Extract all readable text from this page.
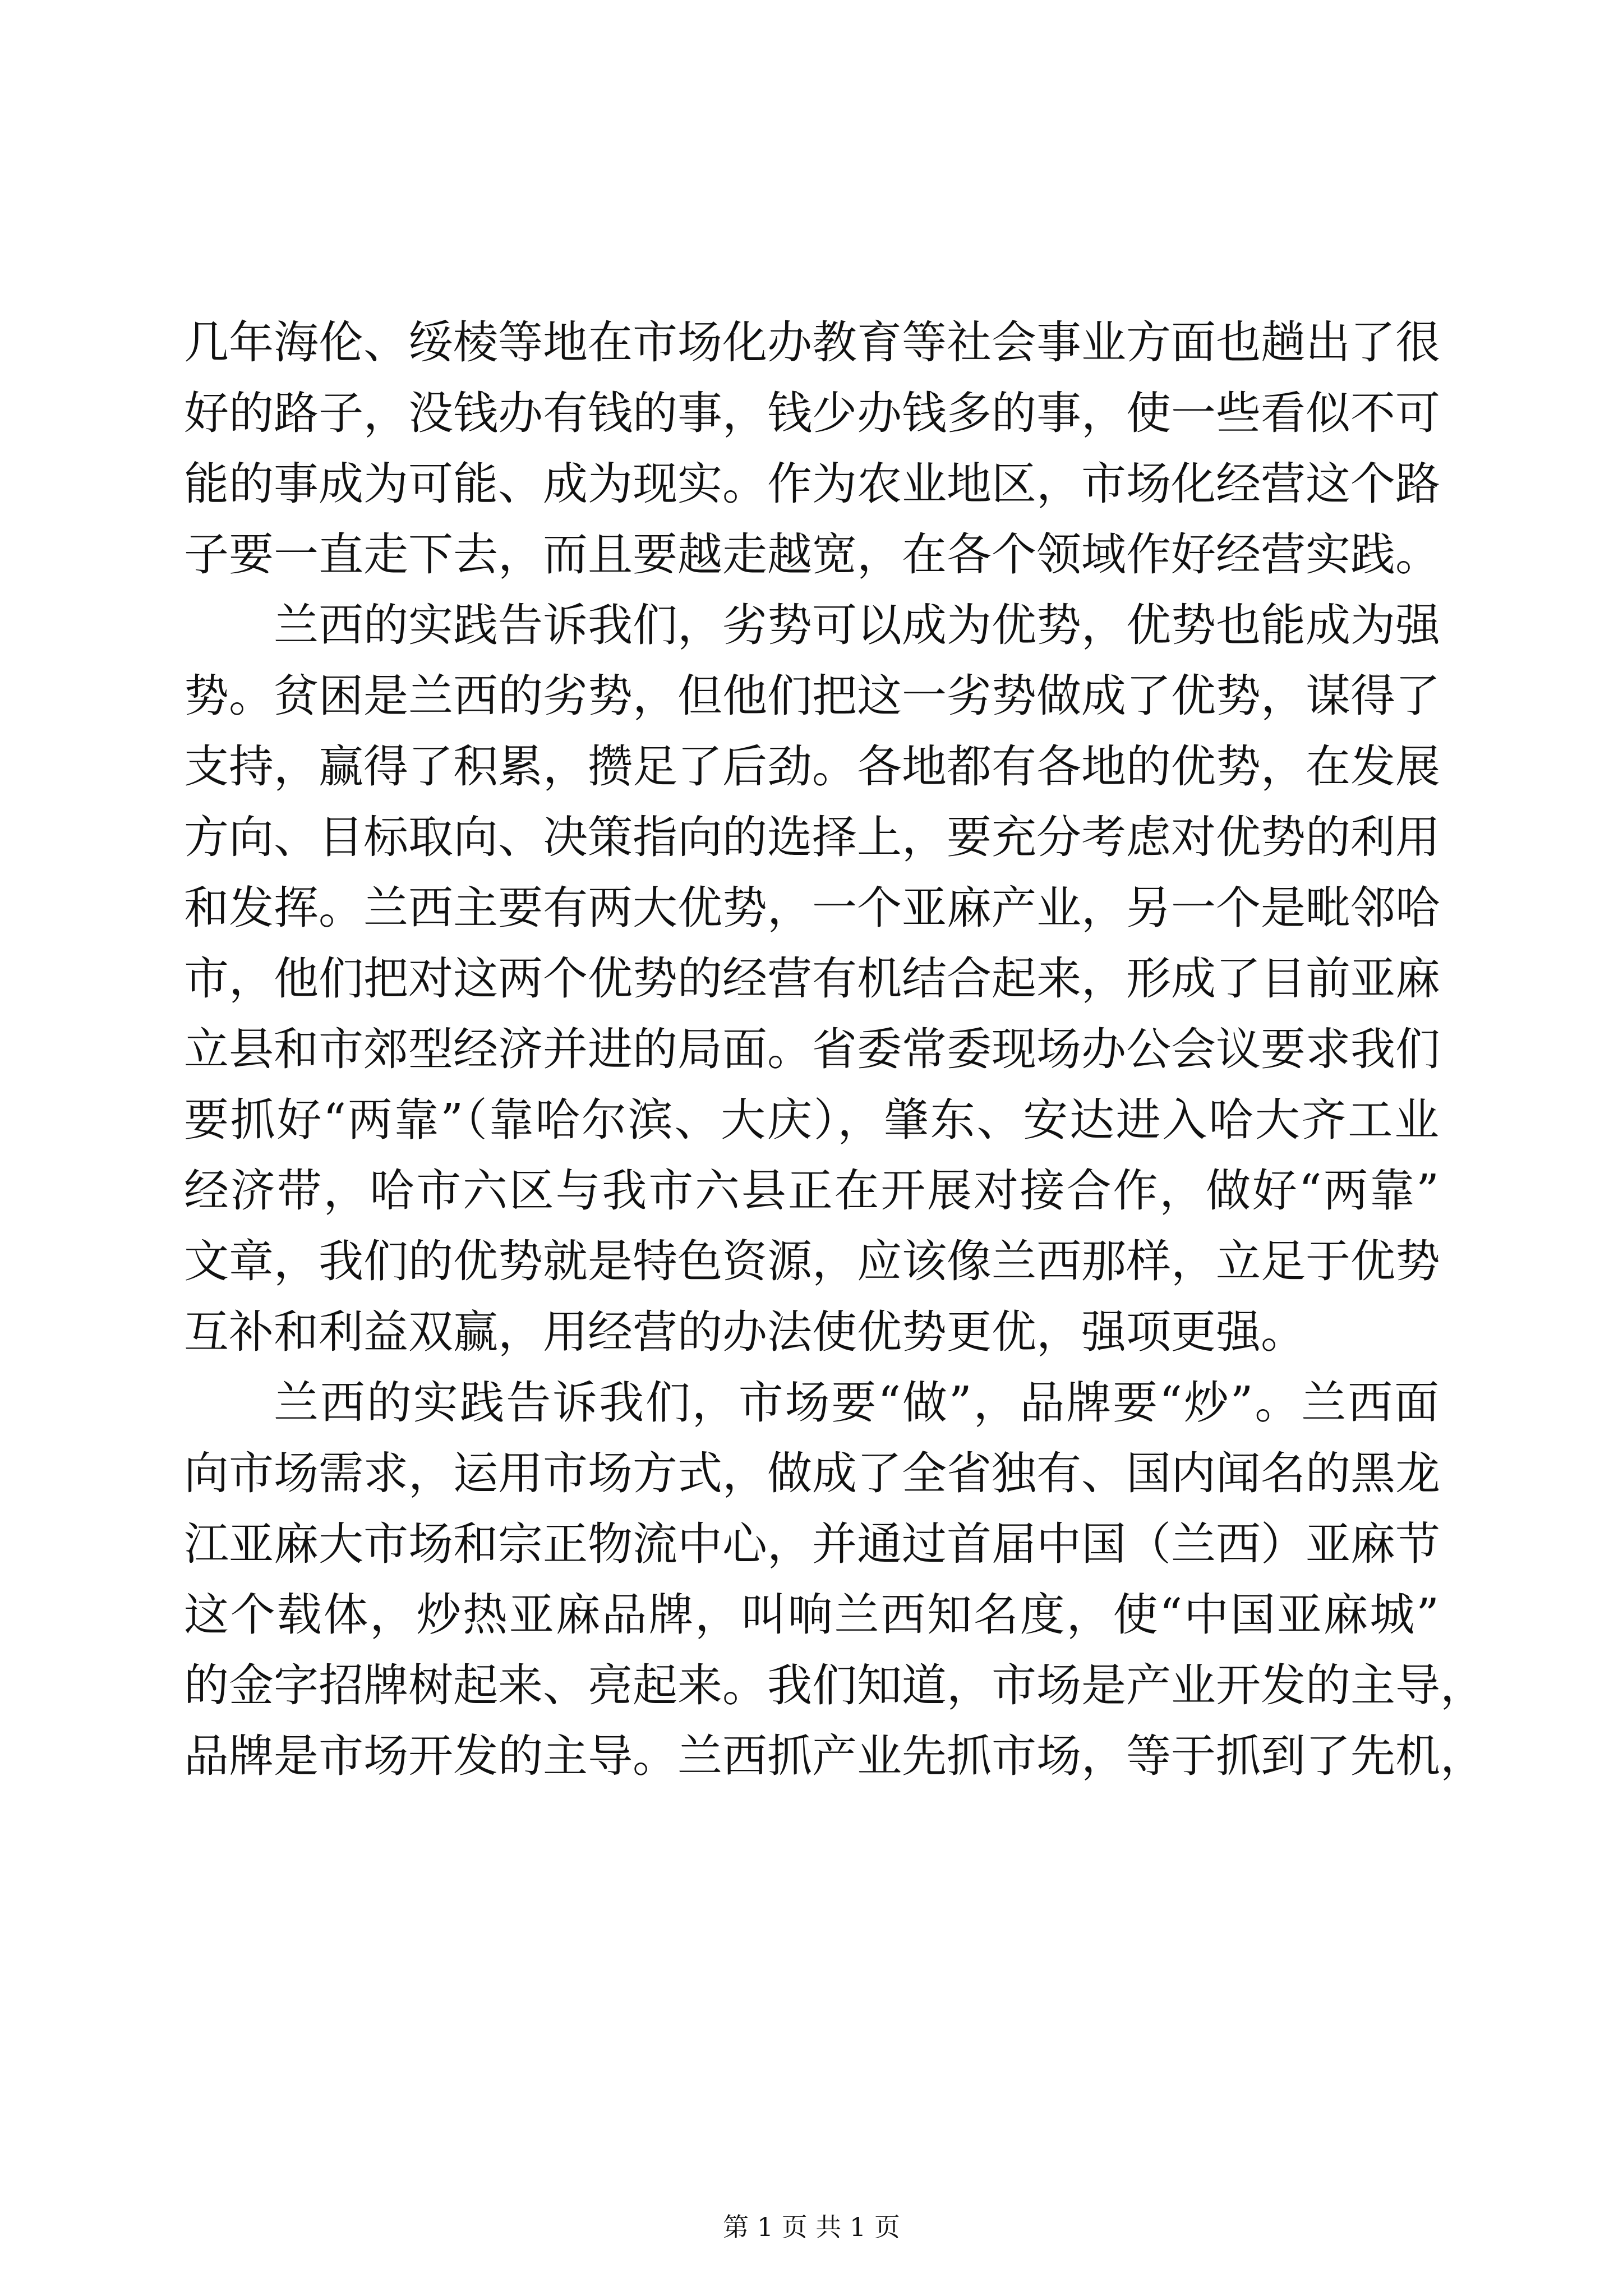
几年海伦、绥棱等地在市场化办教育等社会事业方面也趟出了很
好的路子，没钱办有钱的事，钱少办钱多的事，使一些看似不可
能的事成为可能、成为现实。作为农业地区，市场化经营这个路
子要一直走下去，而且要越走越宽，在各个领域作好经营实践。
兰西的实践告诉我们，劣势可以成为优势，优势也能成为强
势。贫困是兰西的劣势，但他们把这一劣势做成了优势，谋得了
支持，赢得了积累，攒足了后劲。各地都有各地的优势，在发展
方向、目标取向、决策指向的选择上，要充分考虑对优势的利用
和发挥。兰西主要有两大优势，一个亚麻产业，另一个是毗邻哈
市，他们把对这两个优势的经营有机结合起来，形成了目前亚麻
立县和市郊型经济并进的局面。省委常委现场办公会议要求我们
要抓好“两靠”（靠哈尔滨、大庆），肇东、安达进入哈大齐工业
经济带，哈市六区与我市六县正在开展对接合作，做好“两靠”
文章，我们的优势就是特色资源，应该像兰西那样，立足于优势
互补和利益双赢，用经营的办法使优势更优，强项更强。
兰西的实践告诉我们，市场要“做”，品牌要“炒”。兰西面
向市场需求，运用市场方式，做成了全省独有、国内闻名的黑龙
江亚麻大市场和宗正物流中心，并通过首届中国（兰西）亚麻节
这个载体，炒热亚麻品牌，叫响兰西知名度，使“中国亚麻城”
的金字招牌树起来、亮起来。我们知道，市场是产业开发的主导，
品牌是市场开发的主导。兰西抓产业先抓市场，等于抓到了先机，
第 1 页 共 1 页
